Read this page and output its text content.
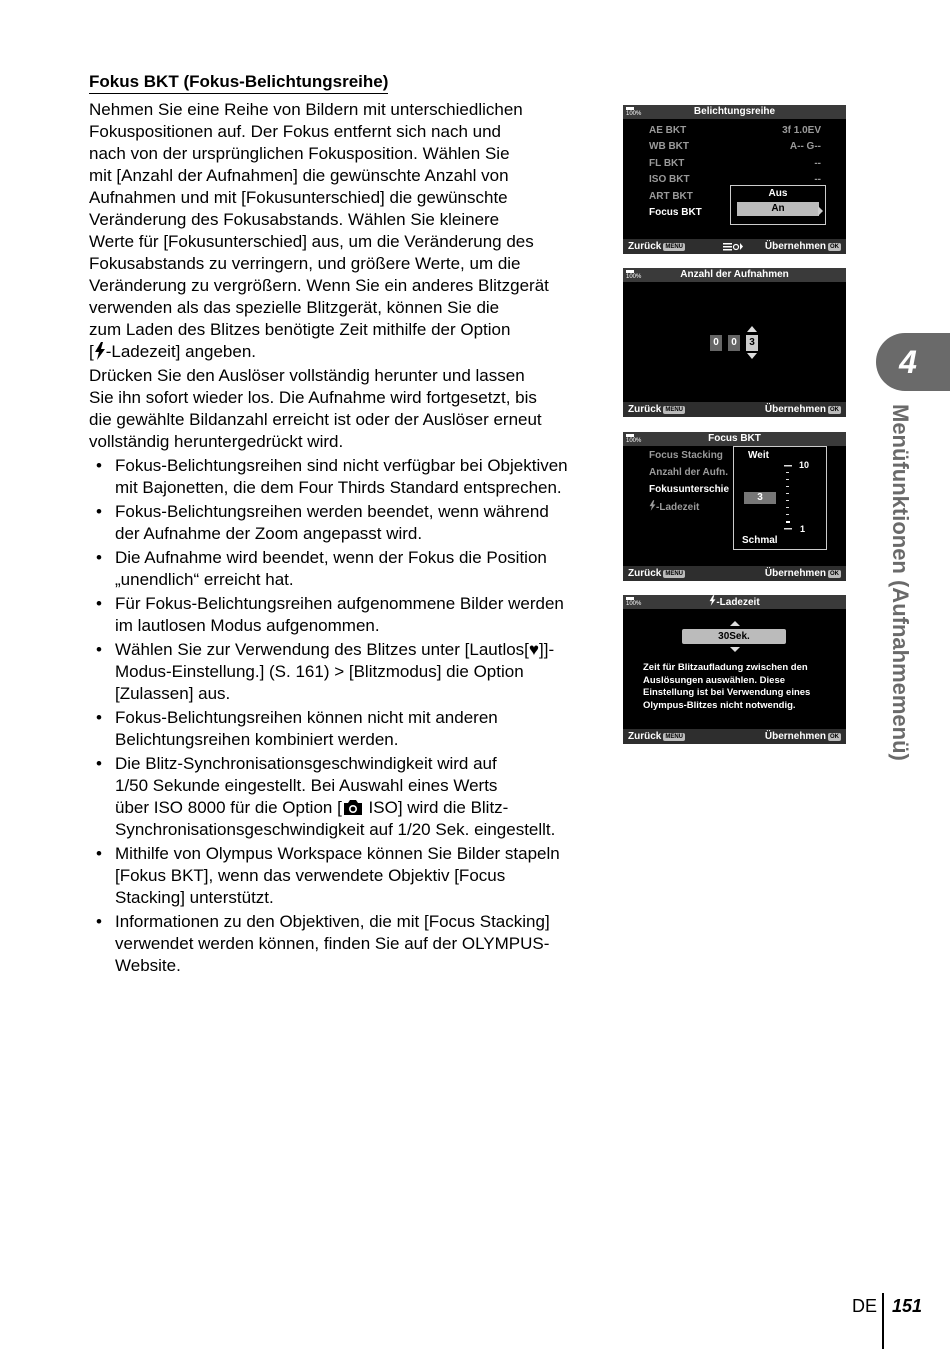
Fokus BKT (Fokus-Belichtungsreihe)

Nehmen Sie eine Reihe von Bildern mit unterschiedlichen
Fokuspositionen auf. Der Fokus entfernt sich nach und
nach von der ursprünglichen Fokusposition. Wählen Sie
mit [Anzahl der Aufnahmen] die gewünschte Anzahl von
Aufnahmen und mit [Fokusunterschied] die gewünschte
Veränderung des Fokusabstands. Wählen Sie kleinere
Werte für [Fokusunterschied] aus, um die Veränderung des
Fokusabstands zu verringern, und größere Werte, um die
Veränderung zu vergrößern. Wenn Sie ein anderes Blitzgerät
verwenden als das spezielle Blitzgerät, können Sie die
zum Laden des Blitzes benötigte Zeit mithilfe der Option
[ -Ladezeit] angeben.

Drücken Sie den Auslöser vollständig herunter und lassen
Sie ihn sofort wieder los. Die Aufnahme wird fortgesetzt, bis
die gewählte Bildanzahl erreicht ist oder der Auslöser erneut
vollständig heruntergedrückt wird.

• Fokus-Belichtungsreihen sind nicht verfügbar bei Objektiven
mit Bajonetten, die dem Four Thirds Standard entsprechen.
• Fokus-Belichtungsreihen werden beendet, wenn während
der Aufnahme der Zoom angepasst wird.
• Die Aufnahme wird beendet, wenn der Fokus die Position
„unendlich“ erreicht hat.
• Für Fokus-Belichtungsreihen aufgenommene Bilder werden
im lautlosen Modus aufgenommen.
• Wählen Sie zur Verwendung des Blitzes unter [Lautlos[♥]]-
Modus-Einstellung.] (S. 161) > [Blitzmodus] die Option
[Zulassen] aus.
• Fokus-Belichtungsreihen können nicht mit anderen
Belichtungsreihen kombiniert werden.
• Die Blitz-Synchronisationsgeschwindigkeit wird auf
1/50 Sekunde eingestellt. Bei Auswahl eines Werts
über ISO 8000 für die Option [ ISO] wird die Blitz-
Synchronisationsgeschwindigkeit auf 1/20 Sek. eingestellt.
• Mithilfe von Olympus Workspace können Sie Bilder stapeln
[Fokus BKT], wenn das verwendete Objektiv [Focus
Stacking] unterstützt.
• Informationen zu den Objektiven, die mit [Focus Stacking]
verwendet werden können, finden Sie auf der OLYMPUS-
Website.
Belichtungsreihe
100%
AE BKT	3f 1.0EV
WB BKT	A-- G--
FL BKT	--
ISO BKT	--
ART BKT
Focus BKT
Aus
An
Zurück MENU	Übernehmen OK
Anzahl der Aufnahmen
100%
0	0	3
Zurück MENU	Übernehmen OK
Focus BKT
100%
Focus Stacking
Anzahl der Aufn.
Fokusunterschie
-Ladezeit
Weit
Schmal
3
10
1
Zurück MENU	Übernehmen OK
-Ladezeit
100%
30Sek.
Zeit für Blitzaufladung zwischen den
Auslösungen auswählen. Diese
Einstellung ist bei Verwendung eines
Olympus-Blitzes nicht notwendig.
Zurück MENU	Übernehmen OK
4
Menüfunktionen (Aufnahmemenü)
DE 151
